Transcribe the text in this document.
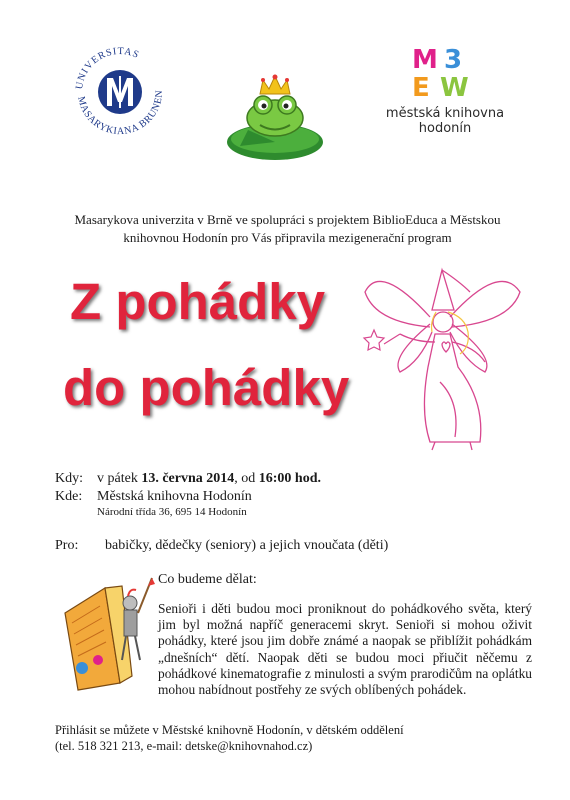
UNIVERSITAS
MASARYKIANA BRUNEN
M 3
E W
městská knihovna
hodonín
Masarykova univerzita v Brně ve spolupráci s projektem BiblioEduca a Městskou knihovnou Hodonín pro Vás připravila mezigenerační program
Z pohádky
do pohádky
Kdy: v pátek 13. června 2014, od 16:00 hod.
Kde: Městská knihovna Hodonín
Národní třída 36, 695 14 Hodonín
Pro: babičky, dědečky (seniory) a jejich vnoučata (děti)
Co budeme dělat:
Senioři i děti budou moci proniknout do pohádkového světa, který jim byl možná napříč generacemi skryt. Senioři si mohou oživit pohádky, které jsou jim dobře známé a naopak se přiblížit pohádkám „dnešních“ dětí. Naopak děti se budou moci přiučit něčemu z pohádkové kinematografie z minulosti a svým prarodičům na oplátku mohou nabídnout postřehy ze svých oblíbených pohádek.
Přihlásit se můžete v Městské knihovně Hodonín, v dětském oddělení
(tel. 518 321 213, e-mail: detske@knihovnahod.cz)
